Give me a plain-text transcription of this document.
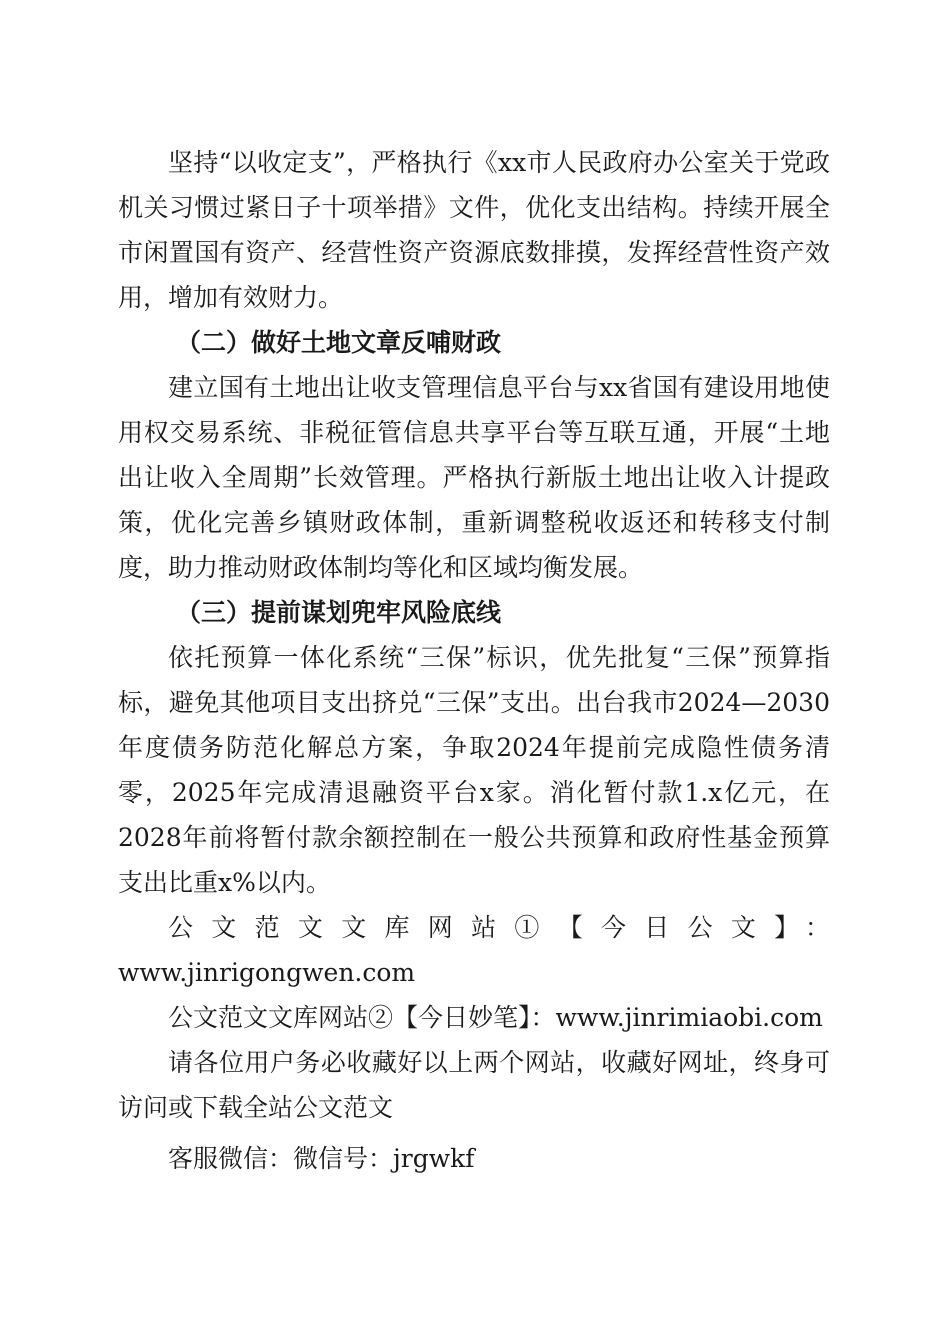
坚持“以收定支”，严格执行《xx市人民政府办公室关于党政机关习惯过紧日子十项举措》文件，优化支出结构。持续开展全市闲置国有资产、经营性资产资源底数排摸，发挥经营性资产效用，增加有效财力。

（二）做好土地文章反哺财政

建立国有土地出让收支管理信息平台与xx省国有建设用地使用权交易系统、非税征管信息共享平台等互联互通，开展“土地出让收入全周期”长效管理。严格执行新版土地出让收入计提政策，优化完善乡镇财政体制，重新调整税收返还和转移支付制度，助力推动财政体制均等化和区域均衡发展。

（三）提前谋划兜牢风险底线

依托预算一体化系统“三保”标识，优先批复“三保”预算指标，避免其他项目支出挤兑“三保”支出。出台我市2024—2030年度债务防范化解总方案，争取2024年提前完成隐性债务清零，2025年完成清退融资平台x家。消化暂付款1.x亿元，在2028年前将暂付款余额控制在一般公共预算和政府性基金预算支出比重x%以内。

公文范文文库网站①【今日公文】：

www.jinrigongwen.com

公文范文文库网站②【今日妙笔】：www.jinrimiaobi.com

请各位用户务必收藏好以上两个网站，收藏好网址，终身可访问或下载全站公文范文

客服微信：微信号：jrgwkf
